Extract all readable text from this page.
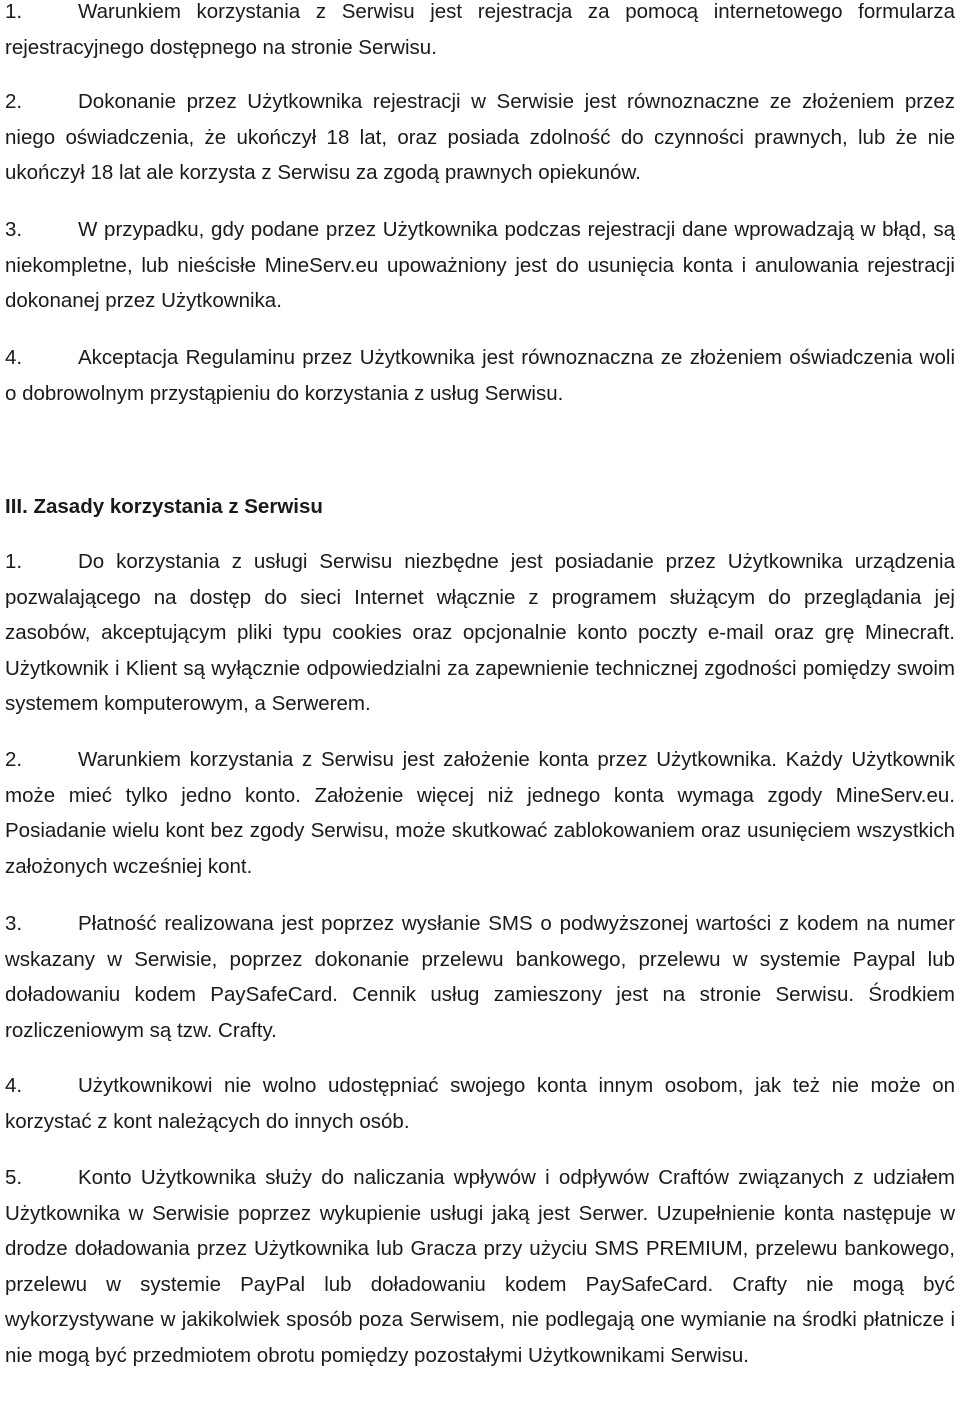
1.	Warunkiem korzystania z Serwisu jest rejestracja za pomocą internetowego formularza rejestracyjnego dostępnego na stronie Serwisu.

2.	Dokonanie przez Użytkownika rejestracji w Serwisie jest równoznaczne ze złożeniem przez niego oświadczenia, że ukończył 18 lat, oraz posiada zdolność do czynności prawnych, lub że nie ukończył 18 lat ale korzysta z Serwisu za zgodą prawnych opiekunów.

3.	W przypadku, gdy podane przez Użytkownika podczas rejestracji dane wprowadzają w błąd, są niekompletne, lub nieścisłe MineServ.eu upoważniony jest do usunięcia konta i anulowania rejestracji dokonanej przez Użytkownika.

4.	Akceptacja Regulaminu przez Użytkownika jest równoznaczna ze złożeniem oświadczenia woli o dobrowolnym przystąpieniu do korzystania z usług Serwisu.

III. Zasady korzystania z Serwisu

1.	Do korzystania z usługi Serwisu niezbędne jest posiadanie przez Użytkownika urządzenia pozwalającego na dostęp do sieci Internet włącznie z programem służącym do przeglądania jej zasobów, akceptującym pliki typu cookies oraz opcjonalnie konto poczty e-mail oraz grę Minecraft. Użytkownik i Klient są wyłącznie odpowiedzialni za zapewnienie technicznej zgodności pomiędzy swoim systemem komputerowym, a Serwerem.

2.	Warunkiem korzystania z Serwisu jest założenie konta przez Użytkownika. Każdy Użytkownik może mieć tylko jedno konto. Założenie więcej niż jednego konta wymaga zgody MineServ.eu. Posiadanie wielu kont bez zgody Serwisu, może skutkować zablokowaniem oraz usunięciem wszystkich założonych wcześniej kont.

3.	Płatność realizowana jest poprzez wysłanie SMS o podwyższonej wartości z kodem na numer wskazany w Serwisie, poprzez dokonanie przelewu bankowego, przelewu w systemie Paypal lub doładowaniu kodem PaySafeCard. Cennik usług zamieszony jest na stronie Serwisu. Środkiem rozliczeniowym są tzw. Crafty.

4.	Użytkownikowi nie wolno udostępniać swojego konta innym osobom, jak też nie może on korzystać z kont należących do innych osób.

5.	Konto Użytkownika służy do naliczania wpływów i odpływów Craftów związanych z udziałem Użytkownika w Serwisie poprzez wykupienie usługi jaką jest Serwer. Uzupełnienie konta następuje w drodze doładowania przez Użytkownika lub Gracza przy użyciu SMS PREMIUM, przelewu bankowego, przelewu w systemie PayPal lub doładowaniu kodem PaySafeCard. Crafty nie mogą być wykorzystywane w jakikolwiek sposób poza Serwisem, nie podlegają one wymianie na środki płatnicze i nie mogą być przedmiotem obrotu pomiędzy pozostałymi Użytkownikami Serwisu.
